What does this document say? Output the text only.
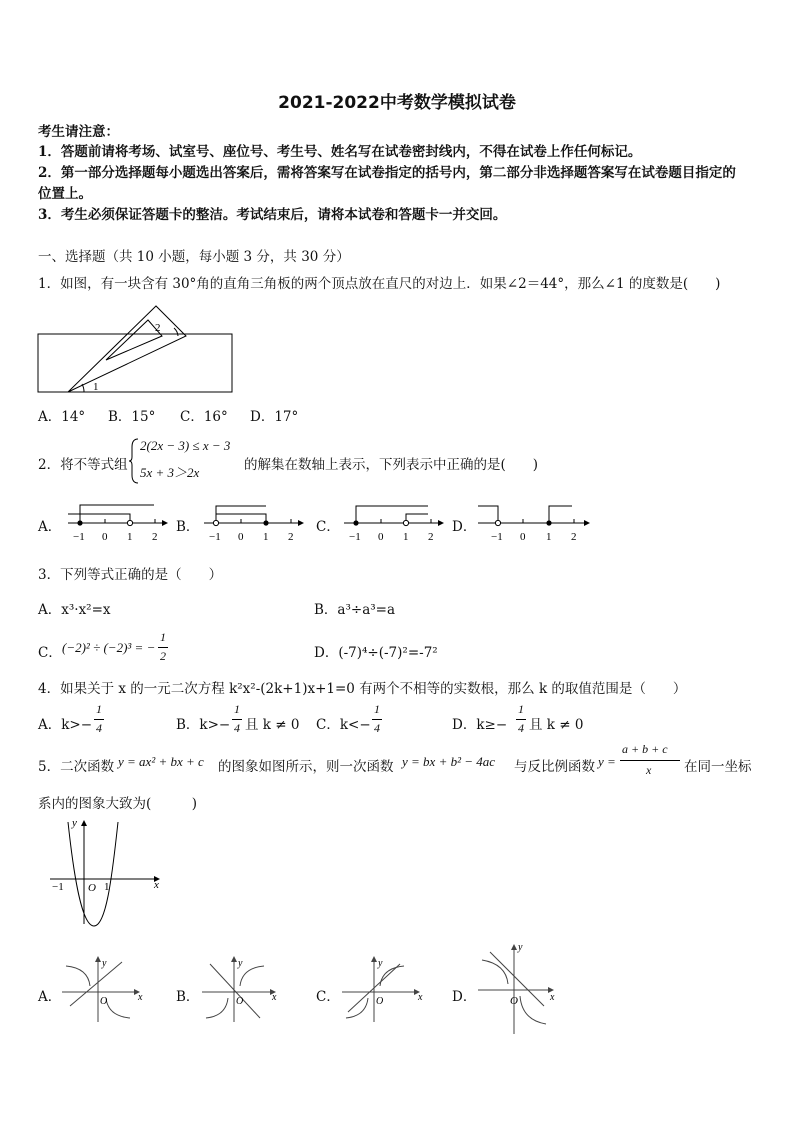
2021-2022中考数学模拟试卷
考生请注意：
1．答题前请将考场、试室号、座位号、考生号、姓名写在试卷密封线内，不得在试卷上作任何标记。
2．第一部分选择题每小题选出答案后，需将答案写在试卷指定的括号内，第二部分非选择题答案写在试卷题目指定的
位置上。
3．考生必须保证答题卡的整洁。考试结束后，请将本试卷和答题卡一并交回。
一、选择题（共 10 小题，每小题 3 分，共 30 分）
1．如图，有一块含有 30°角的直角三角板的两个顶点放在直尺的对边上．如果∠2＝44°，那么∠1 的度数是(　　)
1
2
A．14° B．15° C．16° D．17°
2．将不等式组
2(2x − 3) ≤ x − 3
5x + 3＞2x	的解集在数轴上表示，下列表示中正确的是(　　)
A．
−1 0 1 2
B．
−1 0 1 2
C．
−1 0 1 2
D．
−1 0 1 2
3．下列等式正确的是（　　）
A．x³·x²=x	B．a³÷a³=a
C． (−2)² ÷ (−2)³ = −
1
2	D．(-7)⁴÷(-7)²=-7²
4．如果关于 x 的一元二次方程 k²x²-(2k+1)x+1=0 有两个不相等的实数根，那么 k 的取值范围是（　　）
A．k>−
1
4	B．k>−
1
4 且 k ≠ 0 C．k<−
1
4	D．k≥−
1
4 且 k ≠ 0
5．二次函数 y = ax² + bx + c 的图象如图所示，则一次函数 y = bx + b² − 4ac 与反比例函数 y =
a + b + c
x 在同一坐标
系内的图象大致为(　　　)
y
x
O
−1	1
A．	O
y
x B．	O
y
x	C．	O
y
x D．	O
y
x
